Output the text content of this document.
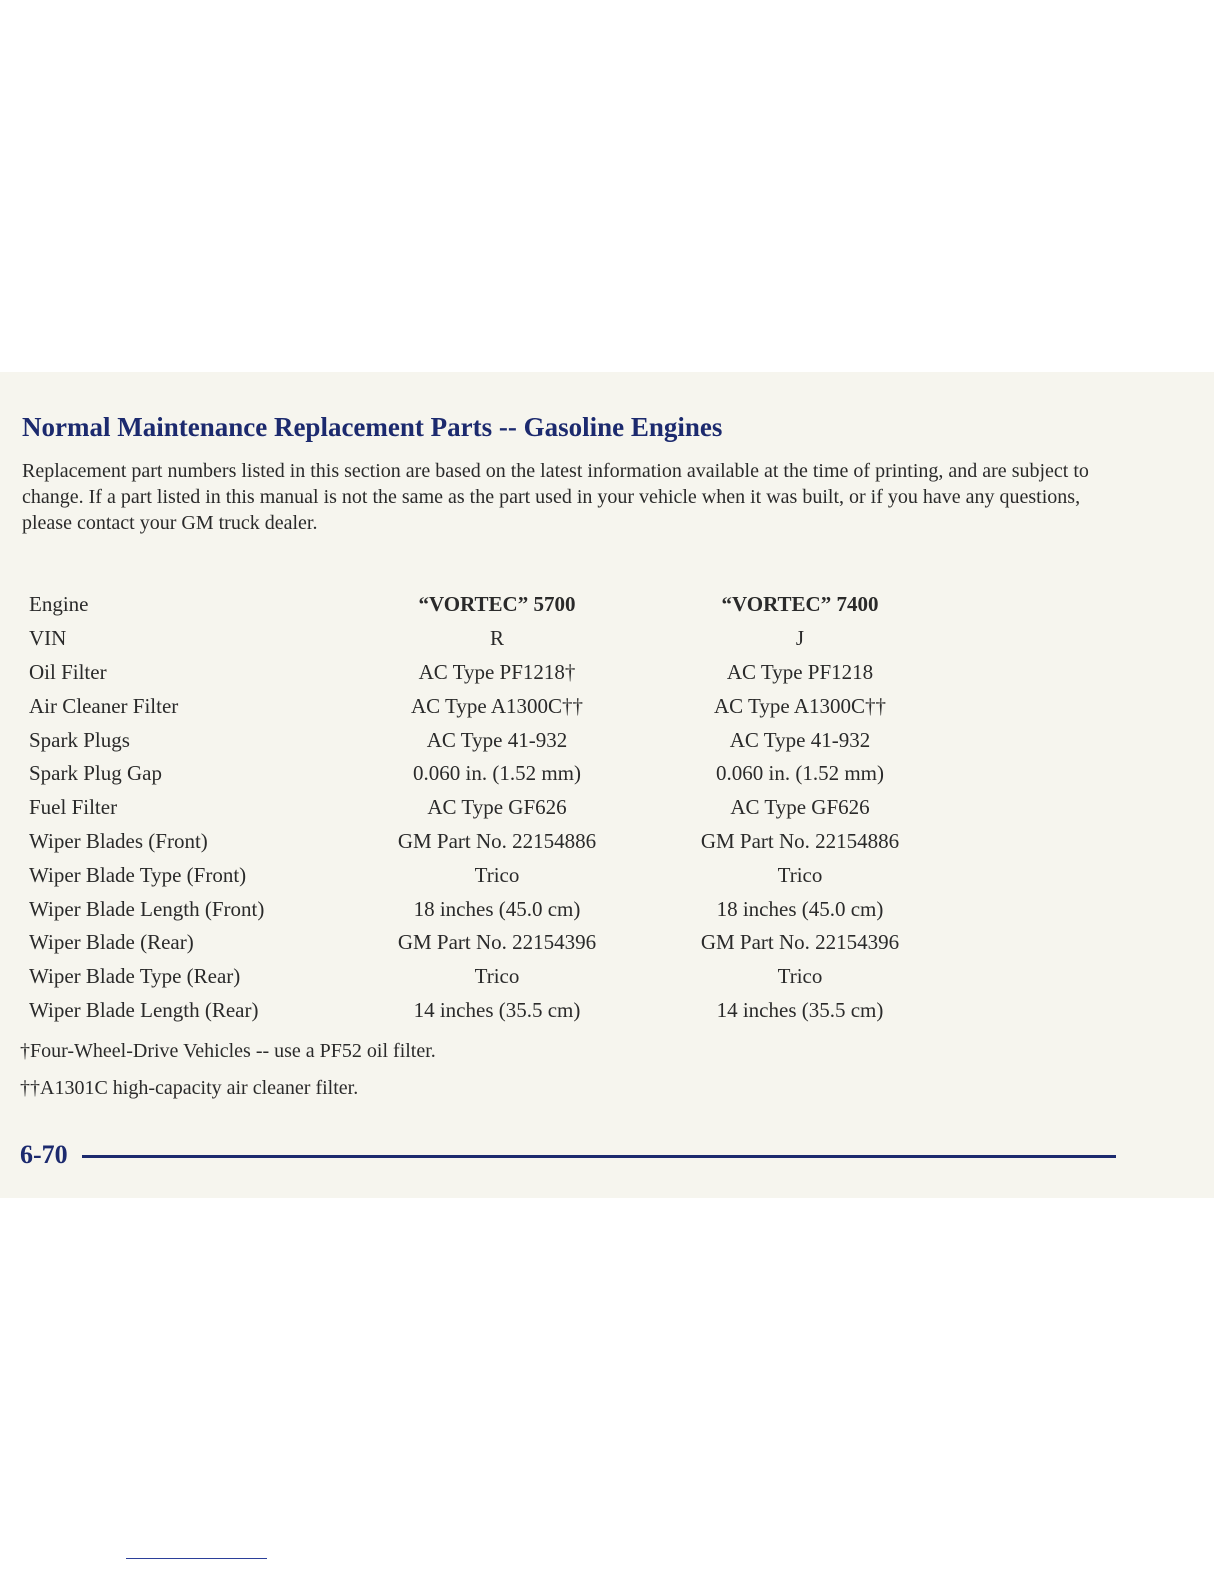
Normal Maintenance Replacement Parts -- Gasoline Engines

Replacement part numbers listed in this section are based on the latest information available at the time of printing, and are subject to change. If a part listed in this manual is not the same as the part used in your vehicle when it was built, or if you have any questions, please contact your GM truck dealer.

Engine	“VORTEC” 5700	“VORTEC” 7400
VIN	R	J
Oil Filter	AC Type PF1218†	AC Type PF1218
Air Cleaner Filter	AC Type A1300C††	AC Type A1300C††
Spark Plugs	AC Type 41-932	AC Type 41-932
Spark Plug Gap	0.060 in. (1.52 mm)	0.060 in. (1.52 mm)
Fuel Filter	AC Type GF626	AC Type GF626
Wiper Blades (Front)	GM Part No. 22154886	GM Part No. 22154886
Wiper Blade Type (Front)	Trico	Trico
Wiper Blade Length (Front)	18 inches (45.0 cm)	18 inches (45.0 cm)
Wiper Blade (Rear)	GM Part No. 22154396	GM Part No. 22154396
Wiper Blade Type (Rear)	Trico	Trico
Wiper Blade Length (Rear)	14 inches (35.5 cm)	14 inches (35.5 cm)

†Four-Wheel-Drive Vehicles -- use a PF52 oil filter.

††A1301C high-capacity air cleaner filter.

6-70
